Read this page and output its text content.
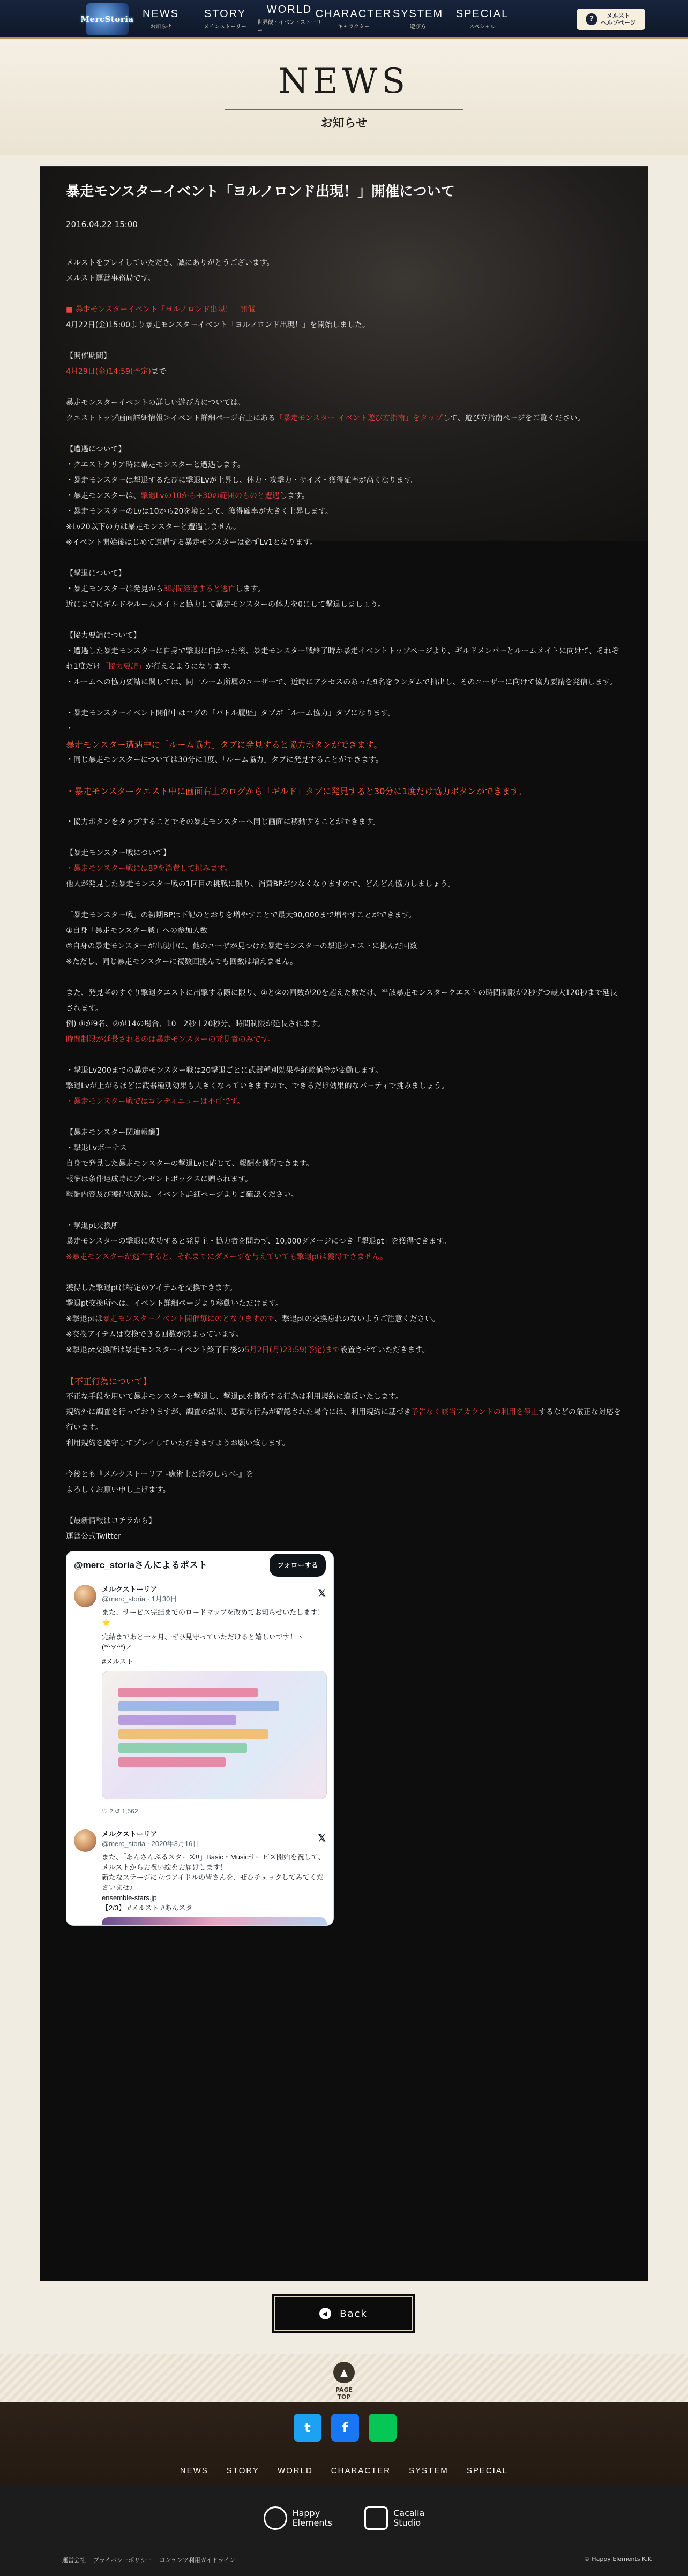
MercStoria NEWS
お知らせ
STORY
メインストーリー
WORLD
世界観・イベントストーリー
CHARACTER
キャラクター
SYSTEM
遊び方
SPECIAL
スペシャル
?	メルスト
ヘルプページ
NEWS
お知らせ
暴走モンスターイベント「ヨルノロンド出現！」開催について
2016.04.22 15:00

メルストをプレイしていただき、誠にありがとうございます。

メルスト運営事務局です。

■ 暴走モンスターイベント「ヨルノロンド出現！」開催

4月22日(金)15:00より暴走モンスターイベント「ヨルノロンド出現！」を開始しました。

【開催期間】

4月29日(金)14:59(予定)まで

暴走モンスターイベントの詳しい遊び方については、

クエストトップ画面詳細情報＞イベント詳細ページ右上にある「暴走モンスター イベント遊び方指南」をタップして、遊び方指南ページをご覧ください。

【遭遇について】

・クエストクリア時に暴走モンスターと遭遇します。

・暴走モンスターは撃退するたびに撃退Lvが上昇し、体力・攻撃力・サイズ・獲得確率が高くなります。

・暴走モンスターは、撃退Lvの10から+30の範囲のものと遭遇します。

・暴走モンスターのLvは10から20を境として、獲得確率が大きく上昇します。

※Lv20以下の方は暴走モンスターと遭遇しません。

※イベント開始後はじめて遭遇する暴走モンスターは必ずLv1となります。

【撃退について】

・暴走モンスターは発見から3時間経過すると逃亡します。

近にまでにギルドやルームメイトと協力して暴走モンスターの体力を0にして撃退しましょう。

【協力要請について】

・遭遇した暴走モンスターに自身で撃退に向かった後、暴走モンスター戦終了時か暴走イベントトップページより、ギルドメンバーとルームメイトに向けて、それぞれ1度だけ「協力要請」が行えるようになります。

・ルームへの協力要請に関しては、同一ルーム所属のユーザーで、近時にアクセスのあった9名をランダムで抽出し、そのユーザーに向けて協力要請を発信します。

・暴走モンスターイベント開催中はログの「バトル履歴」タブが「ルーム協力」タブになります。

・

暴走モンスター遭遇中に「ルーム協力」タブに発見すると協力ボタンができます。

・同じ暴走モンスターについては30分に1度、「ルーム協力」タブに発見することができます。

・暴走モンスタークエスト中に画面右上のログから「ギルド」タブに発見すると30分に1度だけ協力ボタンができます。

・協力ボタンをタップすることでその暴走モンスターへ同じ画面に移動することができます。

【暴走モンスター戦について】

・暴走モンスター戦には8Pを消費して挑みます。

他人が発見した暴走モンスター戦の1回目の挑戦に限り、消費BPが少なくなりますので、どんどん協力しましょう。

「暴走モンスター戦」の初期BPは下記のとおりを増やすことで最大90,000まで増やすことができます。

①自身「暴走モンスター戦」への参加人数

②自身の暴走モンスターが出現中に、他のユーザが見つけた暴走モンスターの撃退クエストに挑んだ回数

※ただし、同じ暴走モンスターに複数回挑んでも回数は増えません。

また、発見者のすぐり撃退クエストに出撃する際に限り、①と②の回数が20を超えた数だけ、当該暴走モンスタークエストの時間制限が2秒ずつ最大120秒まで延長されます。

例) ①が9名、②が14の場合、10＋2秒＋20秒分、時間制限が延長されます。

時間制限が延長されるのは暴走モンスターの発見者のみです。

・撃退Lv200までの暴走モンスター戦は20撃退ごとに武器種別効果や経験値等が変動します。

撃退Lvが上がるほどに武器種別効果も大きくなっていきますので、できるだけ効果的なパーティで挑みましょう。

・暴走モンスター戦ではコンティニューは不可です。

【暴走モンスター関連報酬】

・撃退Lvボーナス

自身で発見した暴走モンスターの撃退Lvに応じて、報酬を獲得できます。

報酬は条件達成時にプレゼントボックスに贈られます。

報酬内容及び獲得状況は、イベント詳細ページよりご確認ください。

・撃退pt交換所

暴走モンスターの撃退に成功すると発見主・協力者を問わず、10,000ダメージにつき「撃退pt」を獲得できます。

※暴走モンスターが逃亡すると、それまでにダメージを与えていても撃退ptは獲得できません。

獲得した撃退ptは特定のアイテムを交換できます。

撃退pt交換所へは、イベント詳細ページより移動いただけます。

※撃退ptは暴走モンスターイベント開催毎にのとなりますので、撃退ptの交換忘れのないようご注意ください。

※交換アイテムは交換できる回数が決まっています。

※撃退pt交換所は暴走モンスターイベント終了日後の5月2日(月)23:59(予定)まで設置させていただきます。

【不正行為について】

不正な手段を用いて暴走モンスターを撃退し、撃退ptを獲得する行為は利用規約に違反いたします。

規約外に調査を行っておりますが、調査の結果、悪質な行為が確認された場合には、利用規約に基づき予告なく該当アカウントの利用を停止するなどの厳正な対応を行います。

利用規約を遵守してプレイしていただきますようお願い致します。

今後とも『メルクストーリア -癒術士と鈴のしらべ-』を

よろしくお願い申し上げます。

【最新情報はコチラから】

運営公式Twitter

@merc_storiaさんによるポスト	フォローする
メルクストーリア
@merc_storia · 1月30日
𝕏
また、サービス完結までのロードマップを改めてお知らせいたします！⭐️
完結まであと一ヶ月、ぜひ見守っていただけると嬉しいです！ヽ(*^∀^*)ノ
#メルスト
♡ 2 ↺ 1,562
メルクストーリア
@merc_storia · 2020年3月16日
𝕏
また、「あんさんぶるスターズ!!」Basic・Musicサービス開始を祝して、メルストからお祝い絵をお届けします！
新たなステージに立つアイドルの皆さんを、ぜひチェックしてみてくださいませ♪
ensemble-stars.jp
【2/3】 #メルスト #あんスタ
◀ Back
▲
PAGE TOP
t	f
NEWS STORY WORLD CHARACTER SYSTEM SPECIAL
Happy
Elements
Cacalia
Studio
運営会社 プライバシーポリシー コンテンツ利用ガイドライン	© Happy Elements K.K
